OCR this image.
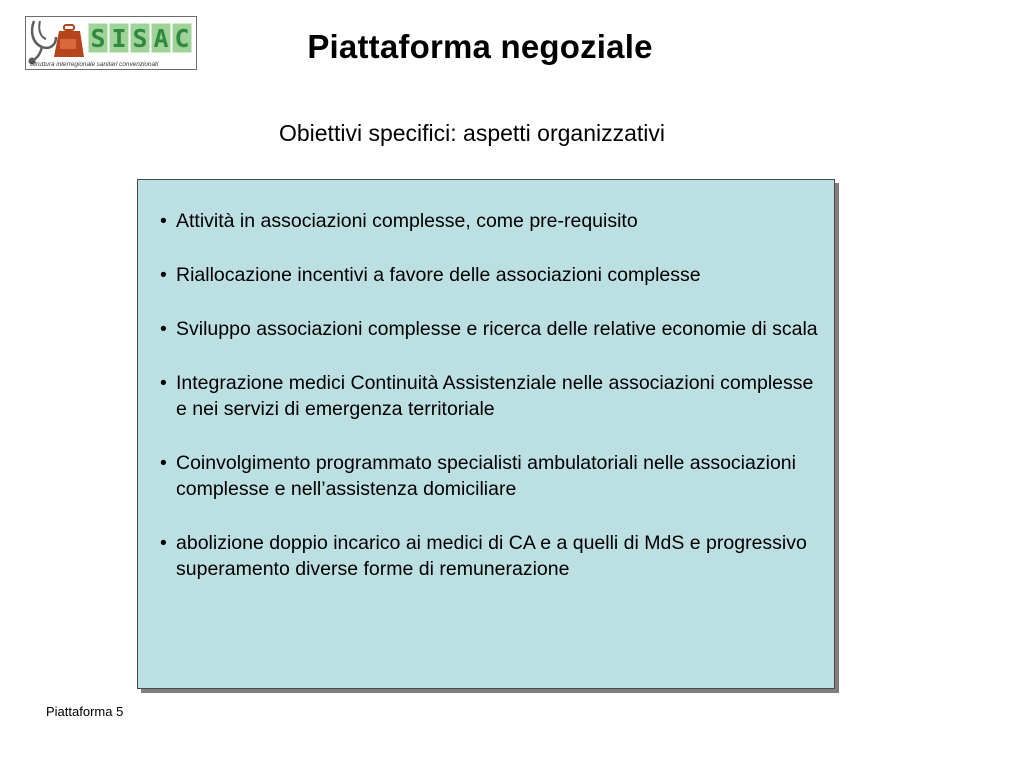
S I S A C
Struttura interregionale sanitari convenzionati	Piattaforma negoziale
Obiettivi specifici: aspetti organizzativi
• Attività in associazioni complesse, come pre-requisito
• Riallocazione incentivi a favore delle associazioni complesse
• Sviluppo associazioni complesse e ricerca delle relative economie di scala
• Integrazione medici Continuità Assistenziale nelle associazioni complesse e nei servizi di emergenza territoriale
• Coinvolgimento programmato specialisti ambulatoriali nelle associazioni complesse e nell’assistenza domiciliare
• abolizione doppio incarico ai medici di CA e a quelli di MdS e progressivo superamento diverse forme di remunerazione
Piattaforma 5
